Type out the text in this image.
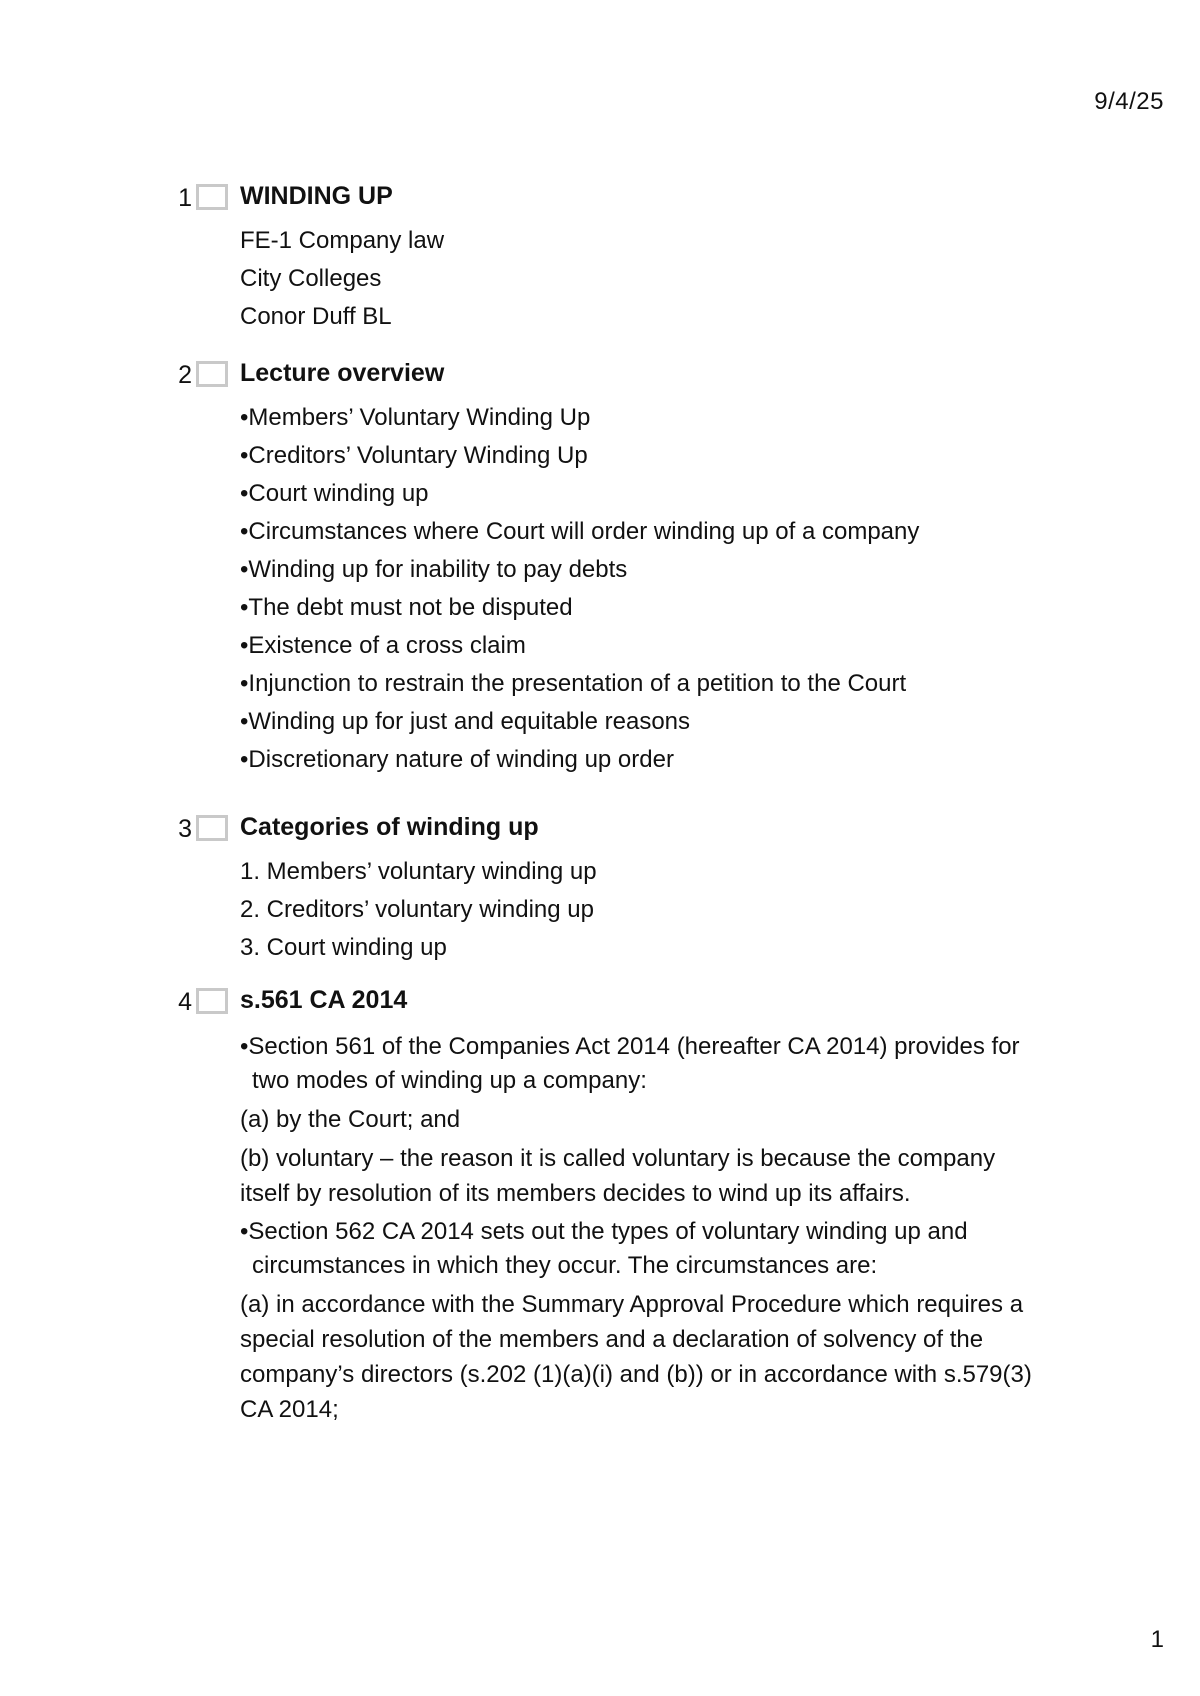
9/4/25
1 WINDING UP
FE-1 Company law
City Colleges
Conor Duff BL
2 Lecture overview
•Members’ Voluntary Winding Up
•Creditors’ Voluntary Winding Up
•Court winding up
•Circumstances where Court will order winding up of a company
•Winding up for inability to pay debts
•The debt must not be disputed
•Existence of a cross claim
•Injunction to restrain the presentation of a petition to the Court
•Winding up for just and equitable reasons
•Discretionary nature of winding up order
3 Categories of winding up
1. Members’ voluntary winding up
2. Creditors’ voluntary winding up
3. Court winding up
4 s.561 CA 2014
•Section 561 of the Companies Act 2014 (hereafter CA 2014) provides for two modes of winding up a company:
(a) by the Court; and
(b) voluntary – the reason it is called voluntary is because the company itself by resolution of its members decides to wind up its affairs.
•Section 562 CA 2014 sets out the types of voluntary winding up and circumstances in which they occur. The circumstances are:
(a) in accordance with the Summary Approval Procedure which requires a special resolution of the members and a declaration of solvency of the company’s directors (s.202 (1)(a)(i) and (b)) or in accordance with s.579(3) CA 2014;
1
